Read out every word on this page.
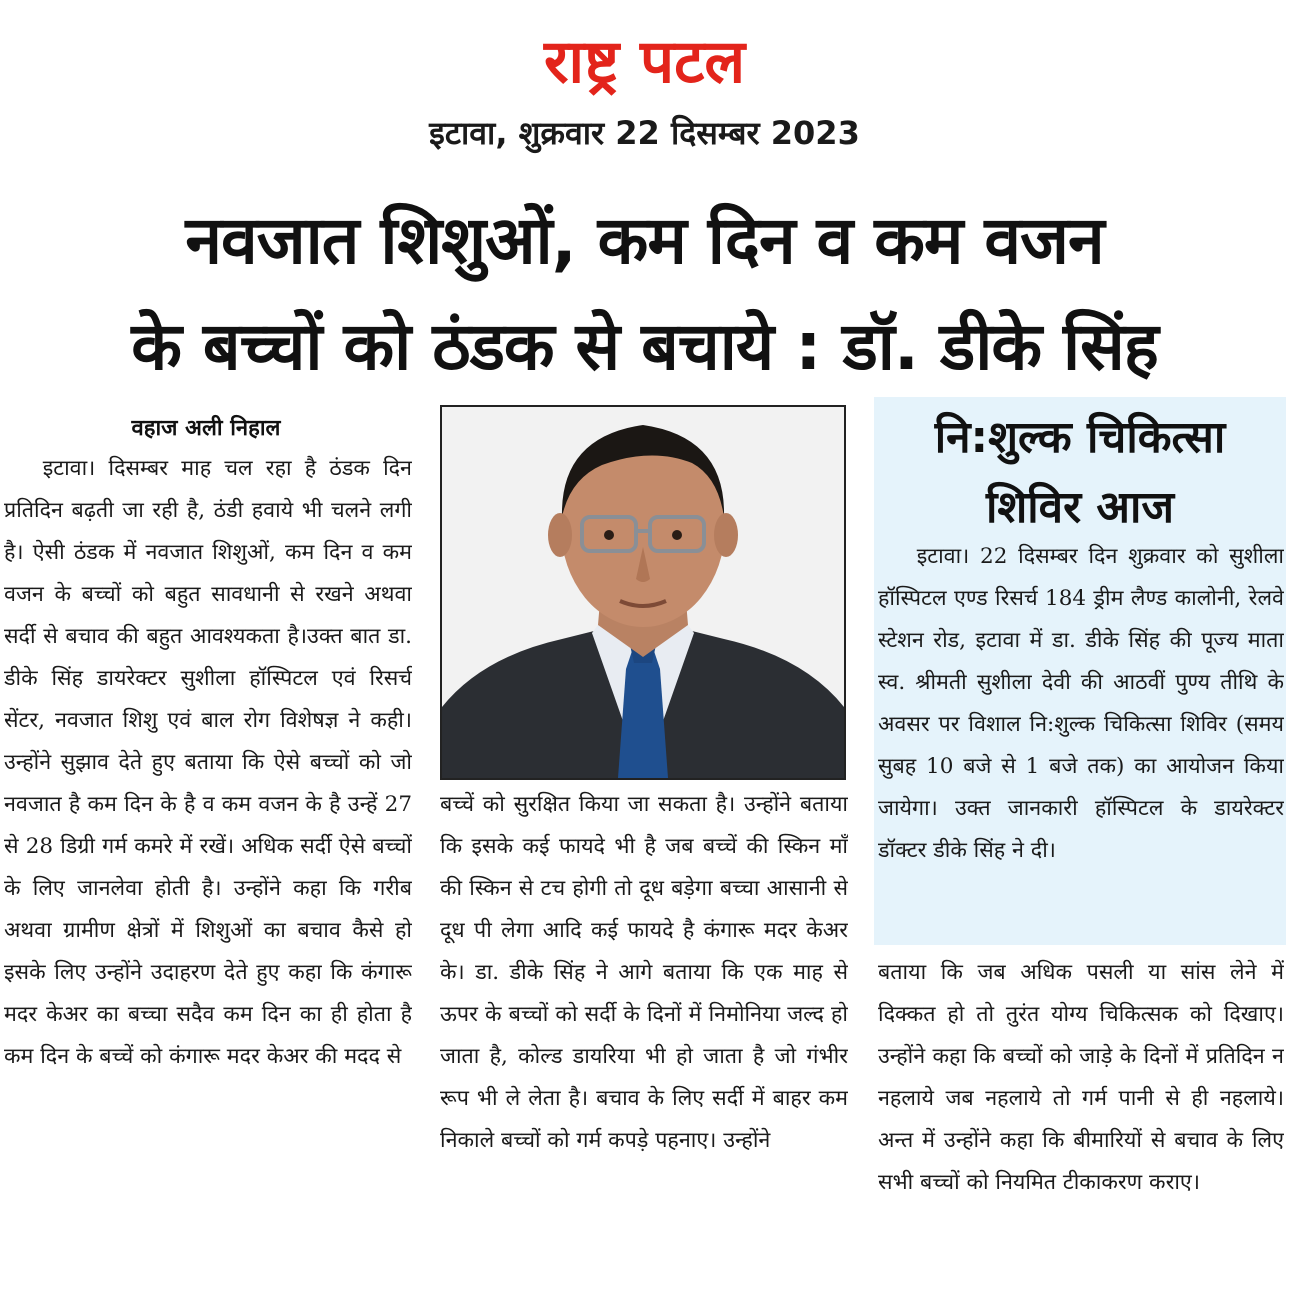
राष्ट्र पटल
इटावा, शुक्रवार 22 दिसम्बर 2023
नवजात शिशुओं, कम दिन व कम वजन
के बच्चों को ठंडक से बचाये : डॉ. डीके सिंह
वहाज अली निहाल

इटावा। दिसम्बर माह चल रहा है ठंडक दिन प्रतिदिन बढ़ती जा रही है, ठंडी हवाये भी चलने लगी है। ऐसी ठंडक में नवजात शिशुओं, कम दिन व कम वजन के बच्चों को बहुत सावधानी से रखने अथवा सर्दी से बचाव की बहुत आवश्यकता है।उक्त बात डा. डीके सिंह डायरेक्टर सुशीला हॉस्पिटल एवं रिसर्च सेंटर, नवजात शिशु एवं बाल रोग विशेषज्ञ ने कही। उन्होंने सुझाव देते हुए बताया कि ऐसे बच्चों को जो नवजात है कम दिन के है व कम वजन के है उन्हें 27 से 28 डिग्री गर्म कमरे में रखें। अधिक सर्दी ऐसे बच्चों के लिए जानलेवा होती है। उन्होंने कहा कि गरीब अथवा ग्रामीण क्षेत्रों में शिशुओं का बचाव कैसे हो इसके लिए उन्होंने उदाहरण देते हुए कहा कि कंगारू मदर केअर का बच्चा सदैव कम दिन का ही होता है कम दिन के बच्चें को कंगारू मदर केअर की मदद से

बच्चें को सुरक्षित किया जा सकता है। उन्होंने बताया कि इसके कई फायदे भी है जब बच्चें की स्किन माँ की स्किन से टच होगी तो दूध बड़ेगा बच्चा आसानी से दूध पी लेगा आदि कई फायदे है कंगारू मदर केअर के। डा. डीके सिंह ने आगे बताया कि एक माह से ऊपर के बच्चों को सर्दी के दिनों में निमोनिया जल्द हो जाता है, कोल्ड डायरिया भी हो जाता है जो गंभीर रूप भी ले लेता है। बचाव के लिए सर्दी में बाहर कम निकाले बच्चों को गर्म कपड़े पहनाए। उन्होंने

नि:शुल्क चिकित्सा
शिविर आज

इटावा। 22 दिसम्बर दिन शुक्रवार को सुशीला हॉस्पिटल एण्ड रिसर्च 184 ड्रीम लैण्ड कालोनी, रेलवे स्टेशन रोड, इटावा में डा. डीके सिंह की पूज्य माता स्व. श्रीमती सुशीला देवी की आठवीं पुण्य तीथि के अवसर पर विशाल नि:शुल्क चिकित्सा शिविर (समय सुबह 10 बजे से 1 बजे तक) का आयोजन किया जायेगा। उक्त जानकारी हॉस्पिटल के डायरेक्टर डॉक्टर डीके सिंह ने दी।

बताया कि जब अधिक पसली या सांस लेने में दिक्कत हो तो तुरंत योग्य चिकित्सक को दिखाए। उन्होंने कहा कि बच्चों को जाड़े के दिनों में प्रतिदिन न नहलाये जब नहलाये तो गर्म पानी से ही नहलाये। अन्त में उन्होंने कहा कि बीमारियों से बचाव के लिए सभी बच्चों को नियमित टीकाकरण कराए।
